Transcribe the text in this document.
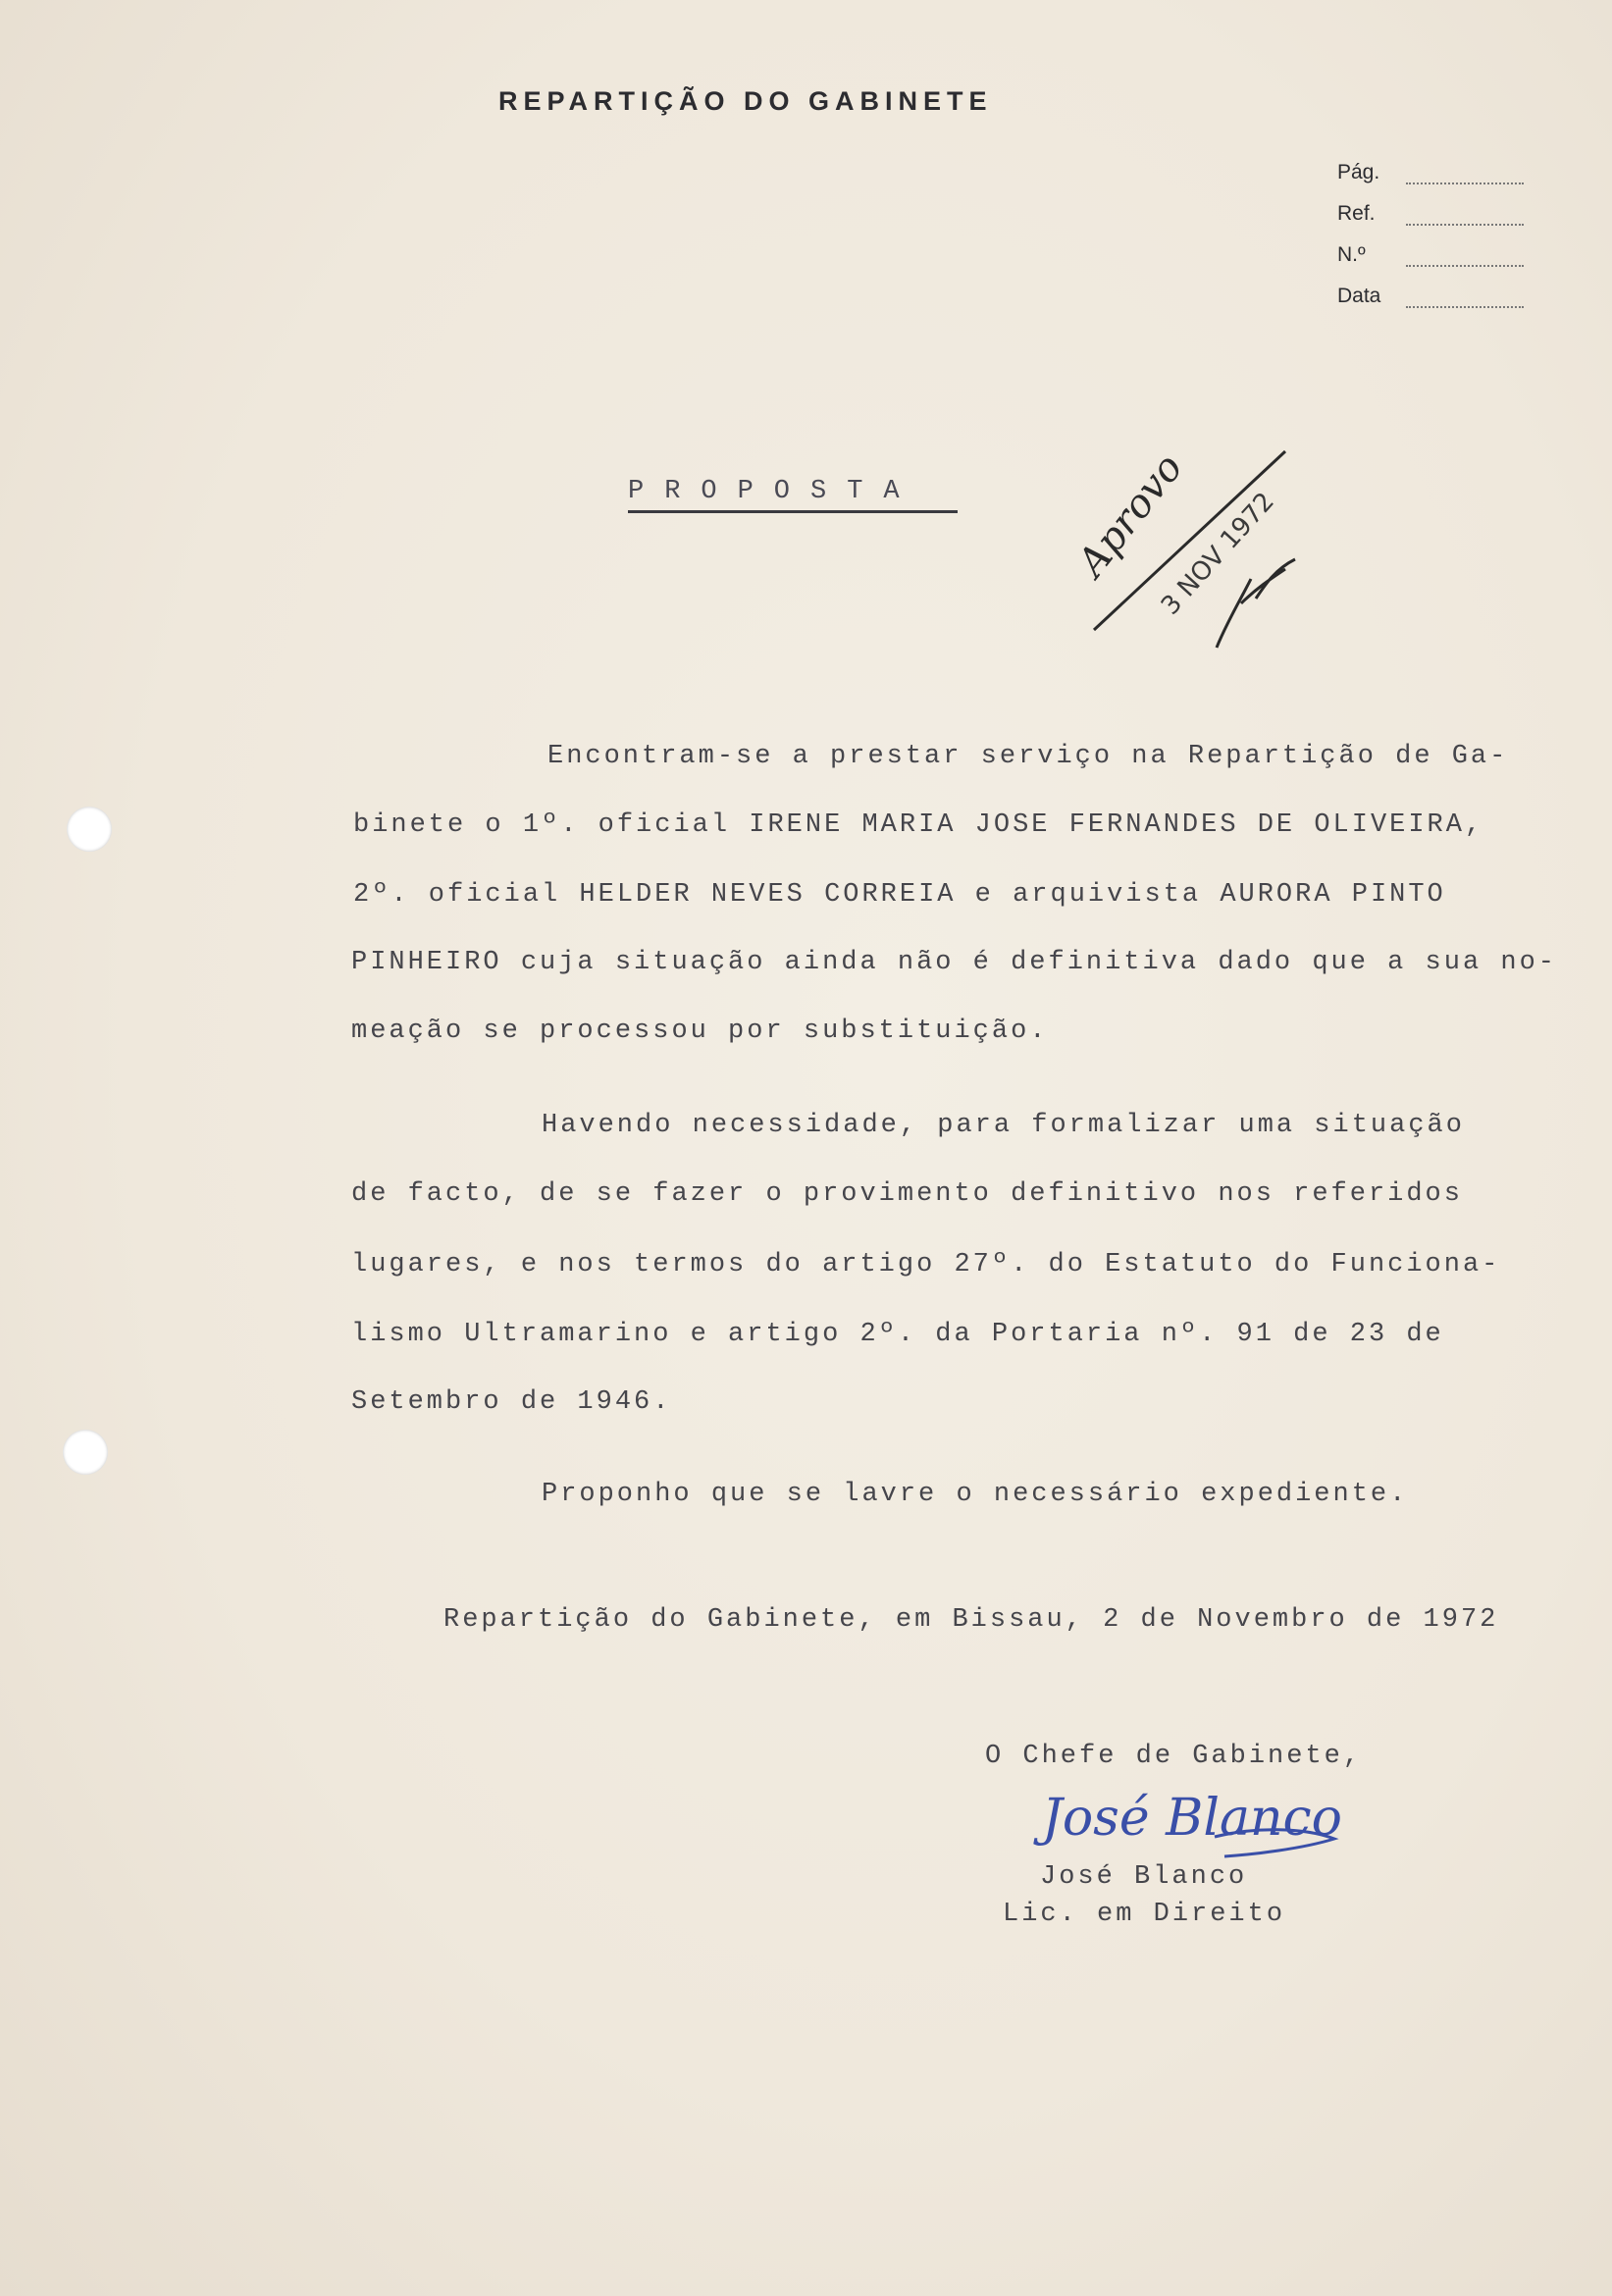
REPARTIÇÃO DO GABINETE
Pág.
Ref.
N.º
Data
PROPOSTA	Aprovo
3 NOV 1972
Encontram-se a prestar serviço na Repartição de Ga-
binete o 1º. oficial IRENE MARIA JOSE FERNANDES DE OLIVEIRA,
2º. oficial HELDER NEVES CORREIA e arquivista AURORA PINTO
PINHEIRO cuja situação ainda não é definitiva dado que a sua no-
meação se processou por substituição.
Havendo necessidade, para formalizar uma situação
de facto, de se fazer o provimento definitivo nos referidos
lugares, e nos termos do artigo 27º. do Estatuto do Funciona-
lismo Ultramarino e artigo 2º. da Portaria nº. 91 de 23 de
Setembro de 1946.
Proponho que se lavre o necessário expediente.
Repartição do Gabinete, em Bissau, 2 de Novembro de 1972
O Chefe de Gabinete,
José Blanco
José Blanco
Lic. em Direito
